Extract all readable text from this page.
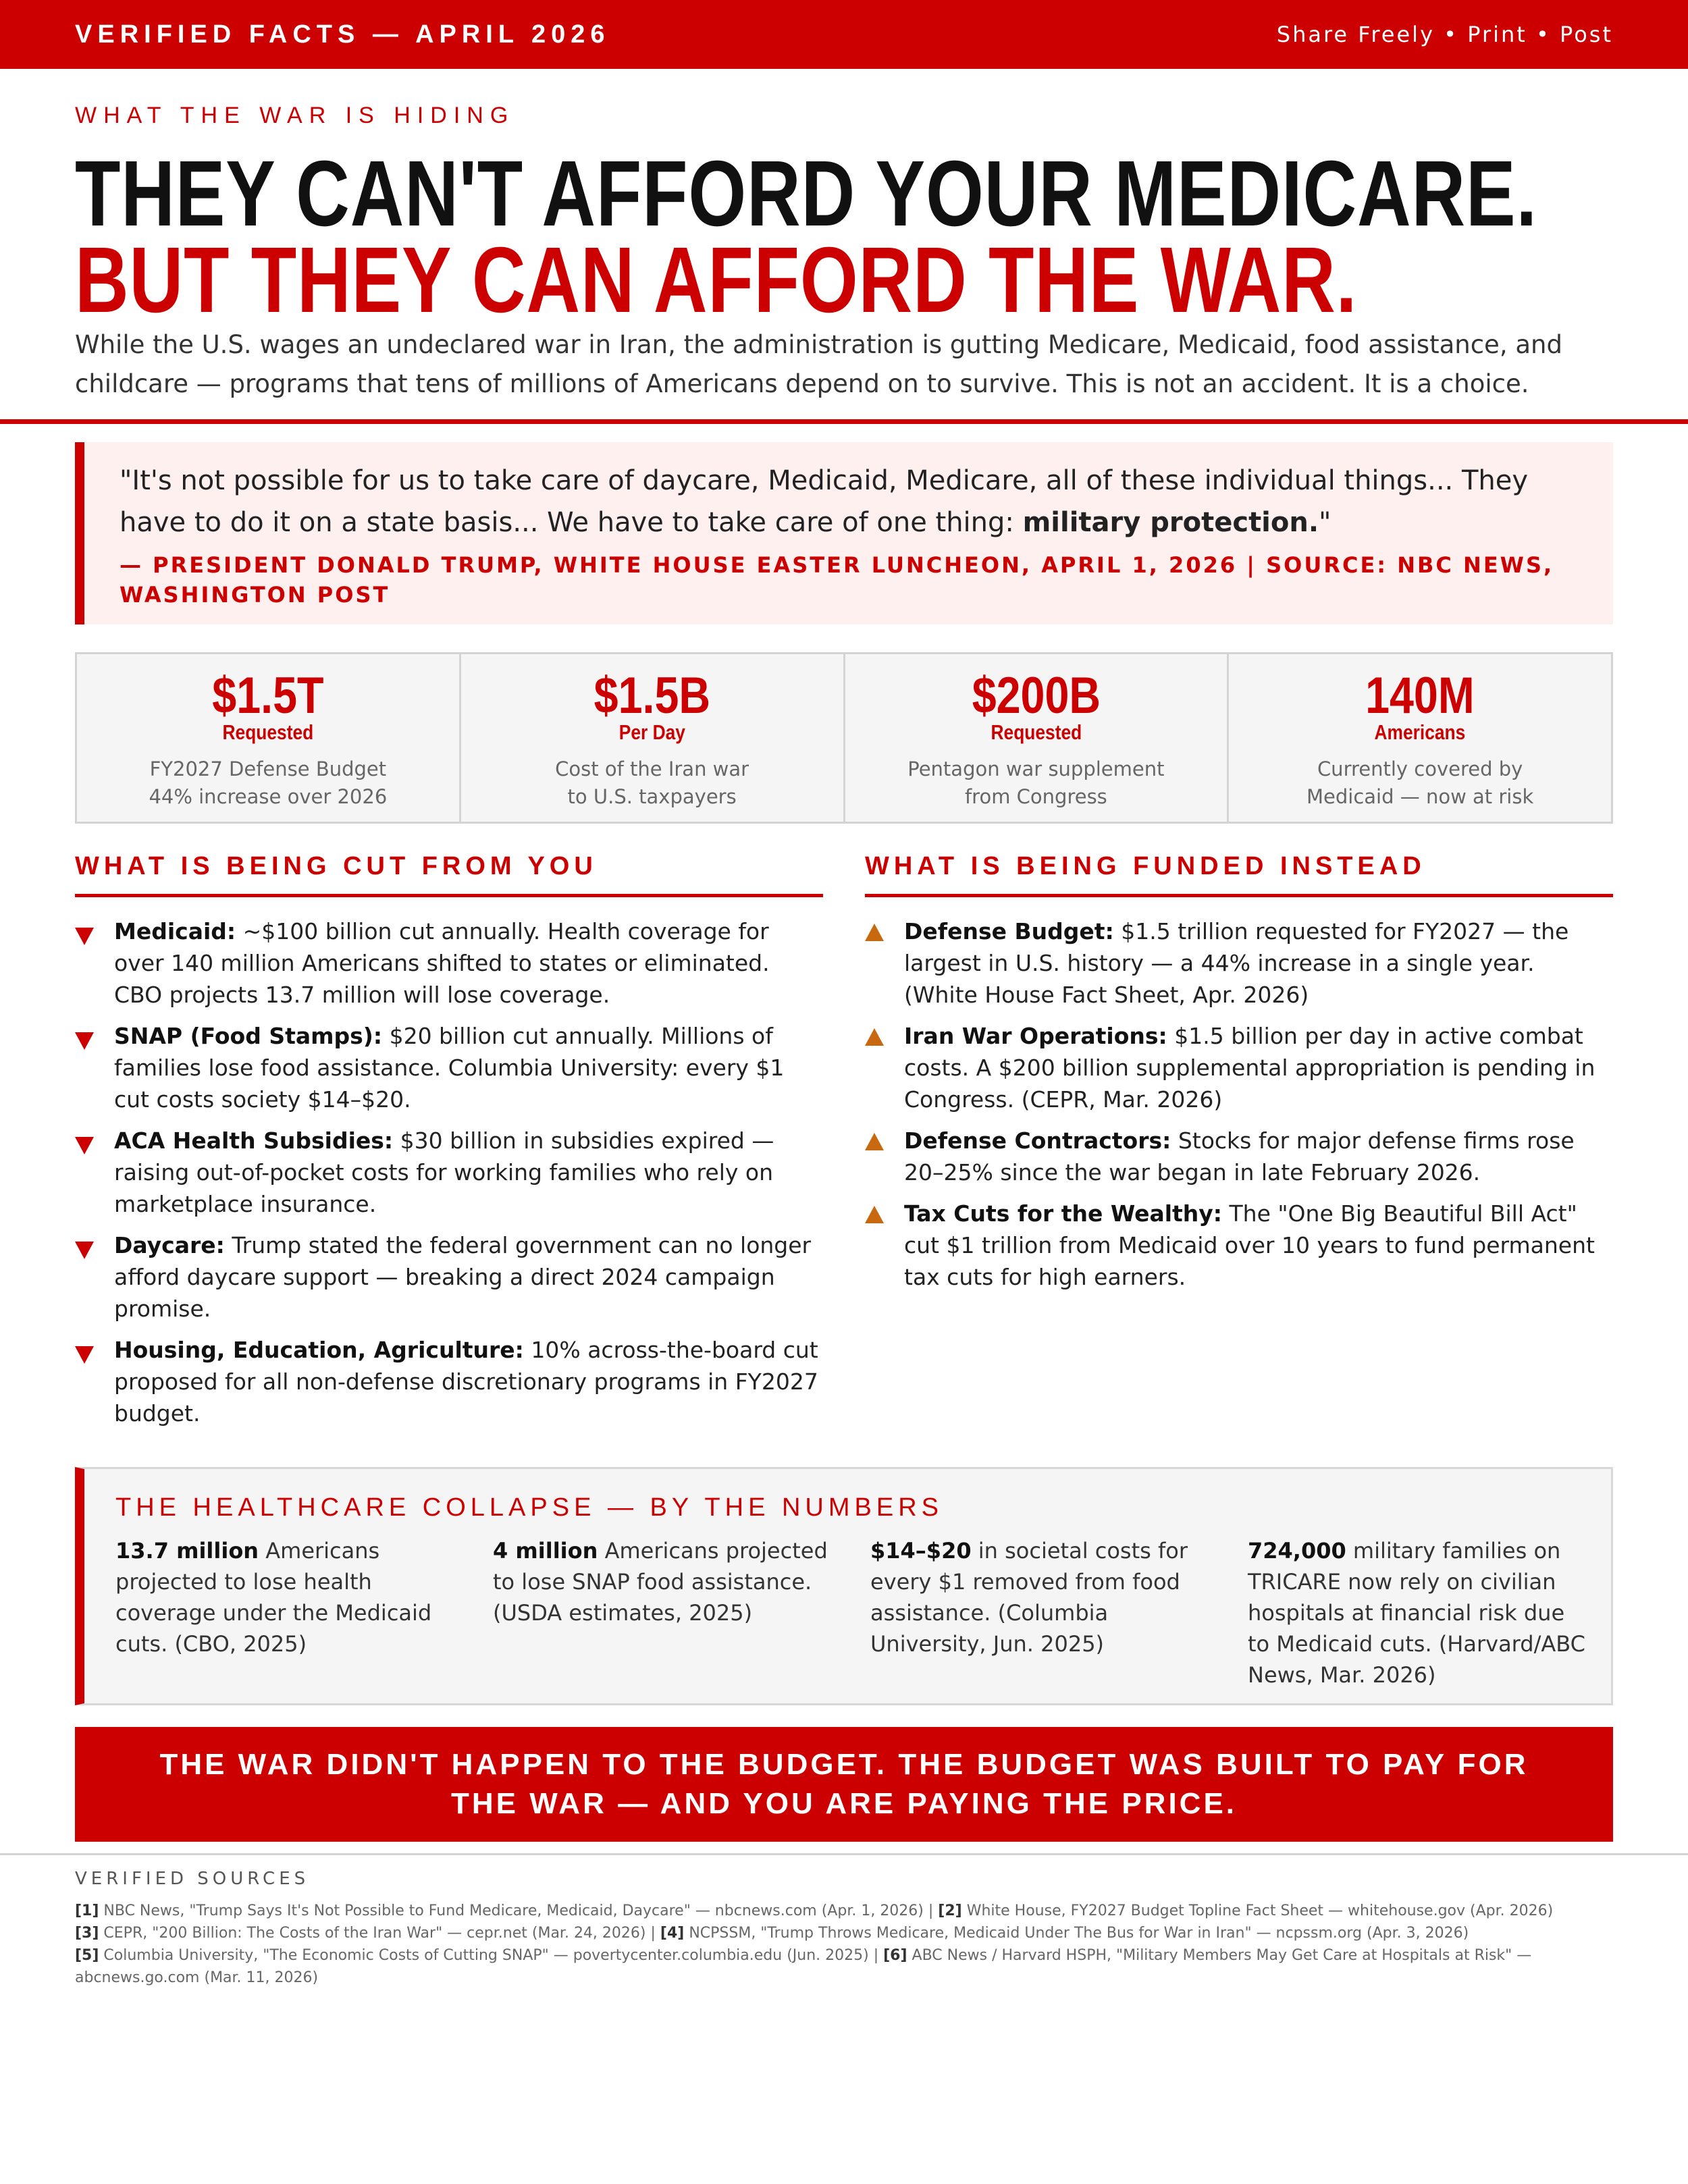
VERIFIED FACTS — APRIL 2026	Share Freely • Print • Post
WHAT THE WAR IS HIDING
THEY CAN'T AFFORD YOUR MEDICARE.
BUT THEY CAN AFFORD THE WAR.
While the U.S. wages an undeclared war in Iran, the administration is gutting Medicare, Medicaid, food assistance, and childcare — programs that tens of millions of Americans depend on to survive. This is not an accident. It is a choice.
"It's not possible for us to take care of daycare, Medicaid, Medicare, all of these individual things... They have to do it on a state basis... We have to take care of one thing: military protection."
— PRESIDENT DONALD TRUMP, WHITE HOUSE EASTER LUNCHEON, APRIL 1, 2026 | SOURCE: NBC NEWS, WASHINGTON POST
$1.5T
Requested
FY2027 Defense Budget
44% increase over 2026
$1.5B
Per Day
Cost of the Iran war
to U.S. taxpayers
$200B
Requested
Pentagon war supplement
from Congress
140M
Americans
Currently covered by
Medicaid — now at risk
WHAT IS BEING CUT FROM YOU
Medicaid: ~$100 billion cut annually. Health coverage for over 140 million Americans shifted to states or eliminated. CBO projects 13.7 million will lose coverage.
SNAP (Food Stamps): $20 billion cut annually. Millions of families lose food assistance. Columbia University: every $1 cut costs society $14–$20.
ACA Health Subsidies: $30 billion in subsidies expired — raising out-of-pocket costs for working families who rely on marketplace insurance.
Daycare: Trump stated the federal government can no longer afford daycare support — breaking a direct 2024 campaign promise.
Housing, Education, Agriculture: 10% across-the-board cut proposed for all non-defense discretionary programs in FY2027 budget.
WHAT IS BEING FUNDED INSTEAD
Defense Budget: $1.5 trillion requested for FY2027 — the largest in U.S. history — a 44% increase in a single year. (White House Fact Sheet, Apr. 2026)
Iran War Operations: $1.5 billion per day in active combat costs. A $200 billion supplemental appropriation is pending in Congress. (CEPR, Mar. 2026)
Defense Contractors: Stocks for major defense firms rose 20–25% since the war began in late February 2026.
Tax Cuts for the Wealthy: The "One Big Beautiful Bill Act" cut $1 trillion from Medicaid over 10 years to fund permanent tax cuts for high earners.
THE HEALTHCARE COLLAPSE — BY THE NUMBERS
13.7 million Americans projected to lose health coverage under the Medicaid cuts. (CBO, 2025)
4 million Americans projected to lose SNAP food assistance. (USDA estimates, 2025)
$14–$20 in societal costs for every $1 removed from food assistance. (Columbia University, Jun. 2025)
724,000 military families on TRICARE now rely on civilian hospitals at financial risk due to Medicaid cuts. (Harvard/ABC News, Mar. 2026)
THE WAR DIDN'T HAPPEN TO THE BUDGET. THE BUDGET WAS BUILT TO PAY FOR THE WAR — AND YOU ARE PAYING THE PRICE.
VERIFIED SOURCES
[1] NBC News, "Trump Says It's Not Possible to Fund Medicare, Medicaid, Daycare" — nbcnews.com (Apr. 1, 2026) | [2] White House, FY2027 Budget Topline Fact Sheet — whitehouse.gov (Apr. 2026)
[3] CEPR, "200 Billion: The Costs of the Iran War" — cepr.net (Mar. 24, 2026) | [4] NCPSSM, "Trump Throws Medicare, Medicaid Under The Bus for War in Iran" — ncpssm.org (Apr. 3, 2026)
[5] Columbia University, "The Economic Costs of Cutting SNAP" — povertycenter.columbia.edu (Jun. 2025) | [6] ABC News / Harvard HSPH, "Military Members May Get Care at Hospitals at Risk" — abcnews.go.com (Mar. 11, 2026)
